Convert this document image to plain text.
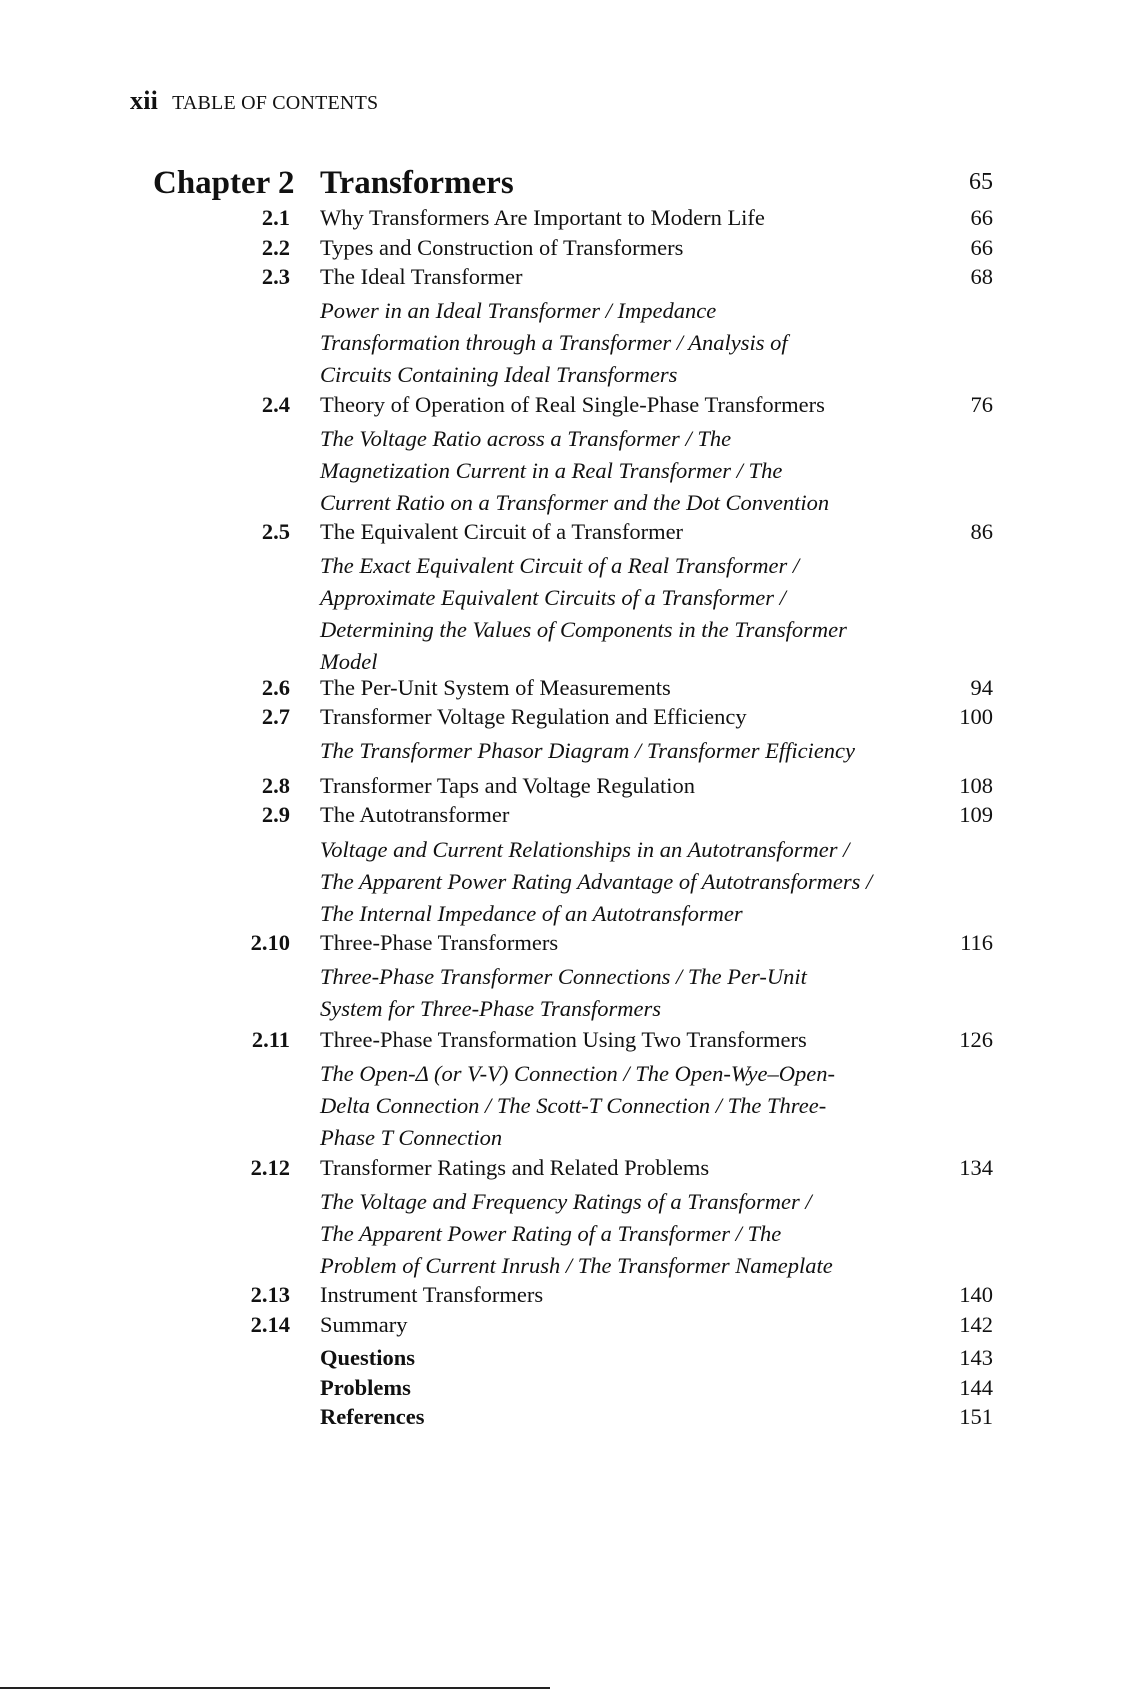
xii TABLE OF CONTENTS
Chapter 2 Transformers	65
2.1 Why Transformers Are Important to Modern Life	66
2.2 Types and Construction of Transformers	66
2.3 The Ideal Transformer	68
Power in an Ideal Transformer / Impedance
Transformation through a Transformer / Analysis of
Circuits Containing Ideal Transformers
2.4 Theory of Operation of Real Single-Phase Transformers	76
The Voltage Ratio across a Transformer / The
Magnetization Current in a Real Transformer / The
Current Ratio on a Transformer and the Dot Convention
2.5 The Equivalent Circuit of a Transformer	86
The Exact Equivalent Circuit of a Real Transformer /
Approximate Equivalent Circuits of a Transformer /
Determining the Values of Components in the Transformer
Model
2.6 The Per-Unit System of Measurements	94
2.7 Transformer Voltage Regulation and Efficiency	100
The Transformer Phasor Diagram / Transformer Efficiency
2.8 Transformer Taps and Voltage Regulation	108
2.9 The Autotransformer	109
Voltage and Current Relationships in an Autotransformer /
The Apparent Power Rating Advantage of Autotransformers /
The Internal Impedance of an Autotransformer
2.10 Three-Phase Transformers	116
Three-Phase Transformer Connections / The Per-Unit
System for Three-Phase Transformers
2.11 Three-Phase Transformation Using Two Transformers	126
The Open-Δ (or V-V) Connection / The Open-Wye–Open-
Delta Connection / The Scott-T Connection / The Three-
Phase T Connection
2.12 Transformer Ratings and Related Problems	134
The Voltage and Frequency Ratings of a Transformer /
The Apparent Power Rating of a Transformer / The
Problem of Current Inrush / The Transformer Nameplate
2.13 Instrument Transformers	140
2.14 Summary	142
Questions	143
Problems	144
References	151
